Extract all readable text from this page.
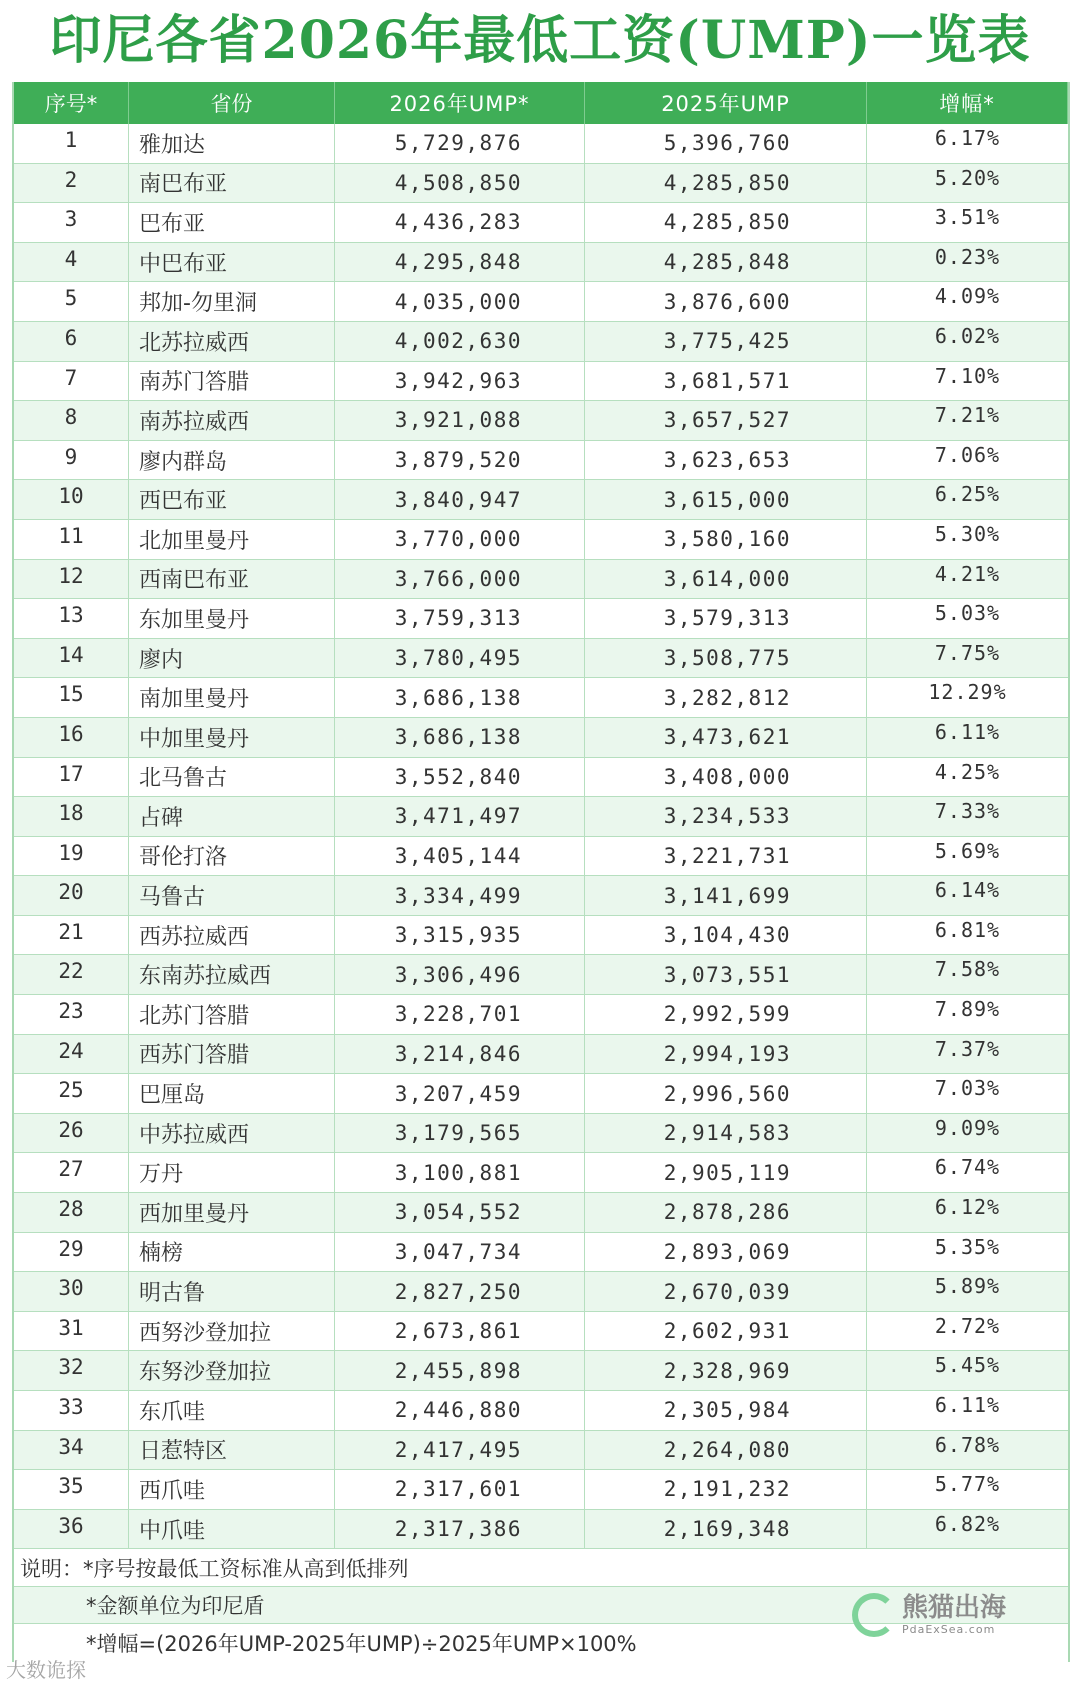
印尼各省2026年最低工资(UMP)一览表
序号*	省份	2026年UMP*	2025年UMP	增幅*
1	雅加达	5,729,876	5,396,760	6.17%
2	南巴布亚	4,508,850	4,285,850	5.20%
3	巴布亚	4,436,283	4,285,850	3.51%
4	中巴布亚	4,295,848	4,285,848	0.23%
5	邦加-勿里洞	4,035,000	3,876,600	4.09%
6	北苏拉威西	4,002,630	3,775,425	6.02%
7	南苏门答腊	3,942,963	3,681,571	7.10%
8	南苏拉威西	3,921,088	3,657,527	7.21%
9	廖内群岛	3,879,520	3,623,653	7.06%
10	西巴布亚	3,840,947	3,615,000	6.25%
11	北加里曼丹	3,770,000	3,580,160	5.30%
12	西南巴布亚	3,766,000	3,614,000	4.21%
13	东加里曼丹	3,759,313	3,579,313	5.03%
14	廖内	3,780,495	3,508,775	7.75%
15	南加里曼丹	3,686,138	3,282,812	12.29%
16	中加里曼丹	3,686,138	3,473,621	6.11%
17	北马鲁古	3,552,840	3,408,000	4.25%
18	占碑	3,471,497	3,234,533	7.33%
19	哥伦打洛	3,405,144	3,221,731	5.69%
20	马鲁古	3,334,499	3,141,699	6.14%
21	西苏拉威西	3,315,935	3,104,430	6.81%
22	东南苏拉威西	3,306,496	3,073,551	7.58%
23	北苏门答腊	3,228,701	2,992,599	7.89%
24	西苏门答腊	3,214,846	2,994,193	7.37%
25	巴厘岛	3,207,459	2,996,560	7.03%
26	中苏拉威西	3,179,565	2,914,583	9.09%
27	万丹	3,100,881	2,905,119	6.74%
28	西加里曼丹	3,054,552	2,878,286	6.12%
29	楠榜	3,047,734	2,893,069	5.35%
30	明古鲁	2,827,250	2,670,039	5.89%
31	西努沙登加拉	2,673,861	2,602,931	2.72%
32	东努沙登加拉	2,455,898	2,328,969	5.45%
33	东爪哇	2,446,880	2,305,984	6.11%
34	日惹特区	2,417,495	2,264,080	6.78%
35	西爪哇	2,317,601	2,191,232	5.77%
36	中爪哇	2,317,386	2,169,348	6.82%
说明：*序号按最低工资标准从高到低排列
*金额单位为印尼盾
*增幅=(2026年UMP-2025年UMP)÷2025年UMP×100%
熊猫出海
PdaExSea.com
大数诡探
